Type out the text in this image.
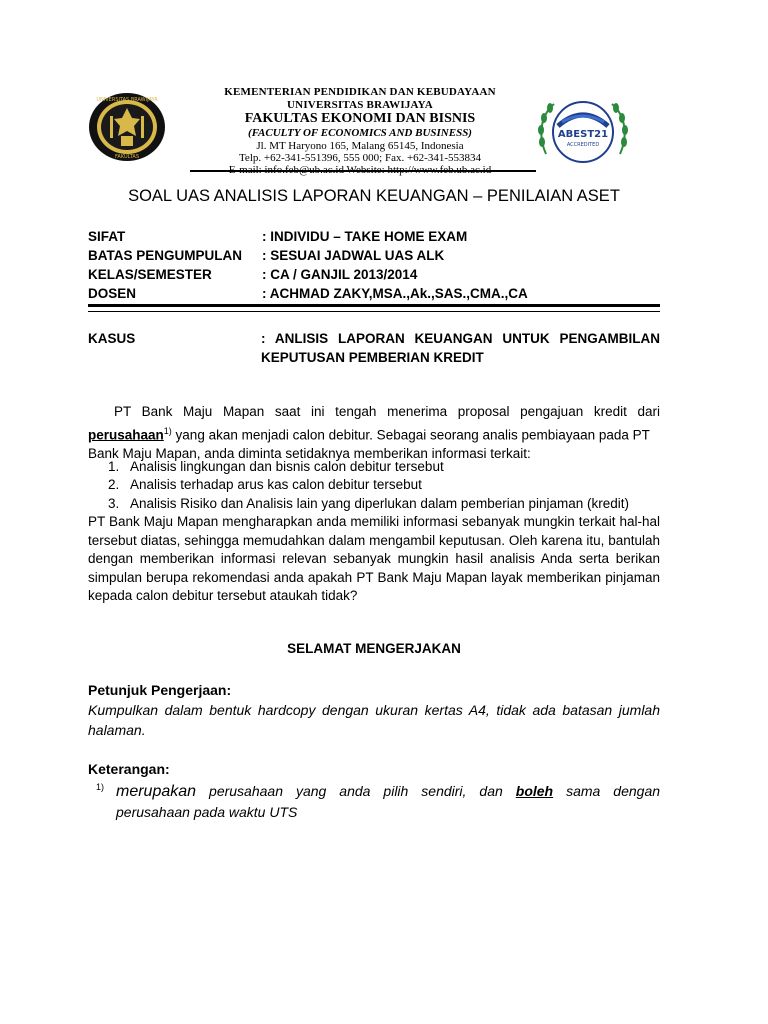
UNIVERSITAS BRAWIJAYA
FAKULTAS
KEMENTERIAN PENDIDIKAN DAN KEBUDAYAAN
UNIVERSITAS BRAWIJAYA
FAKULTAS EKONOMI DAN BISNIS
(FACULTY OF ECONOMICS AND BUSINESS)
Jl. MT Haryono 165, Malang 65145, Indonesia
Telp. +62-341-551396, 555 000; Fax. +62-341-553834
ABEST21
ACCREDITED
SOAL UAS ANALISIS LAPORAN KEUANGAN – PENILAIAN ASET
SIFAT	: INDIVIDU – TAKE HOME EXAM
BATAS PENGUMPULAN : SESUAI JADWAL UAS ALK
KELAS/SEMESTER	: CA / GANJIL 2013/2014
DOSEN	: ACHMAD ZAKY,MSA.,Ak.,SAS.,CMA.,CA
KASUS	: ANLISIS LAPORAN KEUANGAN UNTUK PENGAMBILAN
KEPUTUSAN PEMBERIAN KREDIT
PT Bank Maju Mapan saat ini tengah menerima proposal pengajuan kredit dari
perusahaan$^{1)}$ yang akan menjadi calon debitur. Sebagai seorang analis pembiayaan pada PT
Bank Maju Mapan, anda diminta setidaknya memberikan informasi terkait:
1. Analisis lingkungan dan bisnis calon debitur tersebut
2. Analisis terhadap arus kas calon debitur tersebut
3. Analisis Risiko dan Analisis lain yang diperlukan dalam pemberian pinjaman (kredit)
PT Bank Maju Mapan mengharapkan anda memiliki informasi sebanyak mungkin terkait hal-hal
tersebut diatas, sehingga memudahkan dalam mengambil keputusan. Oleh karena itu, bantulah
dengan memberikan informasi relevan sebanyak mungkin hasil analisis Anda serta berikan
simpulan berupa rekomendasi anda apakah PT Bank Maju Mapan layak memberikan pinjaman
kepada calon debitur tersebut ataukah tidak?
SELAMAT MENGERJAKAN
Petunjuk Pengerjaan:
Kumpulkan dalam bentuk hardcopy dengan ukuran kertas A4, tidak ada batasan jumlah
halaman.
Keterangan:
1) merupakan perusahaan yang anda pilih sendiri, dan boleh sama dengan
perusahaan pada waktu UTS
